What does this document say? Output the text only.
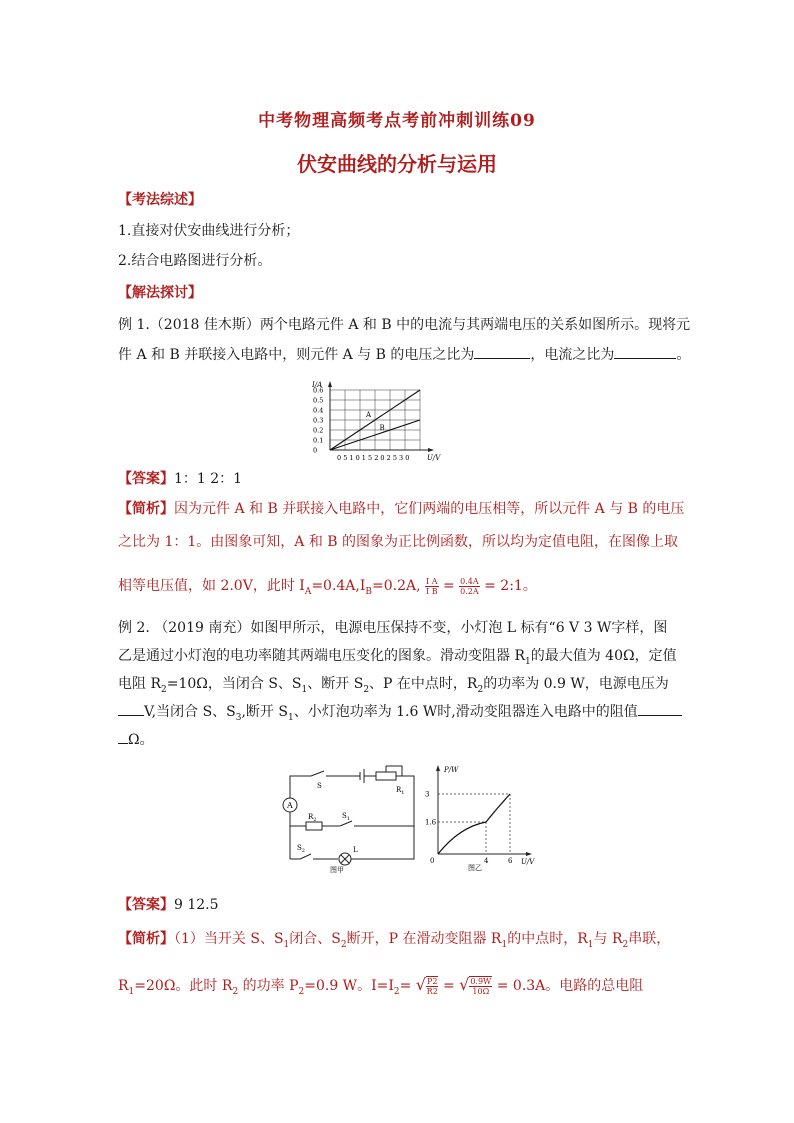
中考物理高频考点考前冲刺训练09
伏安曲线的分析与运用
【考法综述】
1.直接对伏安曲线进行分析；
2.结合电路图进行分析。
【解法探讨】
例 1.（2018 佳木斯）两个电路元件 A 和 B 中的电流与其两端电压的关系如图所示。现将元
件 A 和 B 并联接入电路中，则元件 A 与 B 的电压之比为	，电流之比为	。
I/A
0.6
0.5
0.4
0.3
0.2
0.1
0
0 5 1 0 1 5 2 0 2 5 3 0	U/V
A
B
【答案】1：1 2：1
【简析】因为元件 A 和 B 并联接入电路中，它们两端的电压相等，所以元件 A 与 B 的电压
之比为 1：1。由图象可知，A 和 B 的图象为正比例函数，所以均为定值电阻，在图像上取
相等电压值，如 2.0V，此时 $I_A=0.4A,I_B=0.2A$, $\frac{\text{I A}}{\text{I B}} = \frac{0.4A}{0.2A}$ = 2:1。
例 2. （2019 南充）如图甲所示，电源电压保持不变，小灯泡 L 标有“6 V 3 W字样，图
乙是通过小灯泡的电功率随其两端电压变化的图象。滑动变阻器 $R_1$的最大值为 40Ω，定值
电阻 $R_2=10\Omega$，当闭合 S、$S_1$、断开 $S_2$、P 在中点时，$R_2$的功率为 0.9 W，电源电压为
V,当闭合 S、$S_3$,断开 $S_1$、小灯泡功率为 1.6 W时,滑动变阻器连入电路中的阻值
Ω。
A
S	$R_1$
$R_2$	$S_1$
$S_2$	L
图甲
P/W
U/V
3
1.6
4	6
0
图乙
【答案】9 12.5
【简析】（1）当开关 S、$S_1$闭合、$S_2$断开，P 在滑动变阻器 $R_1$的中点时，$R_1$与 $R_2$串联，
$R_1=20\Omega$。此时 $R_2$ 的功率 $P_2=0.9$ W。$I=I_2=$ √ $\frac{P2}{R2}$ = √ $\frac{0.9W}{10\Omega} = 0.3A$。电路的总电阻
